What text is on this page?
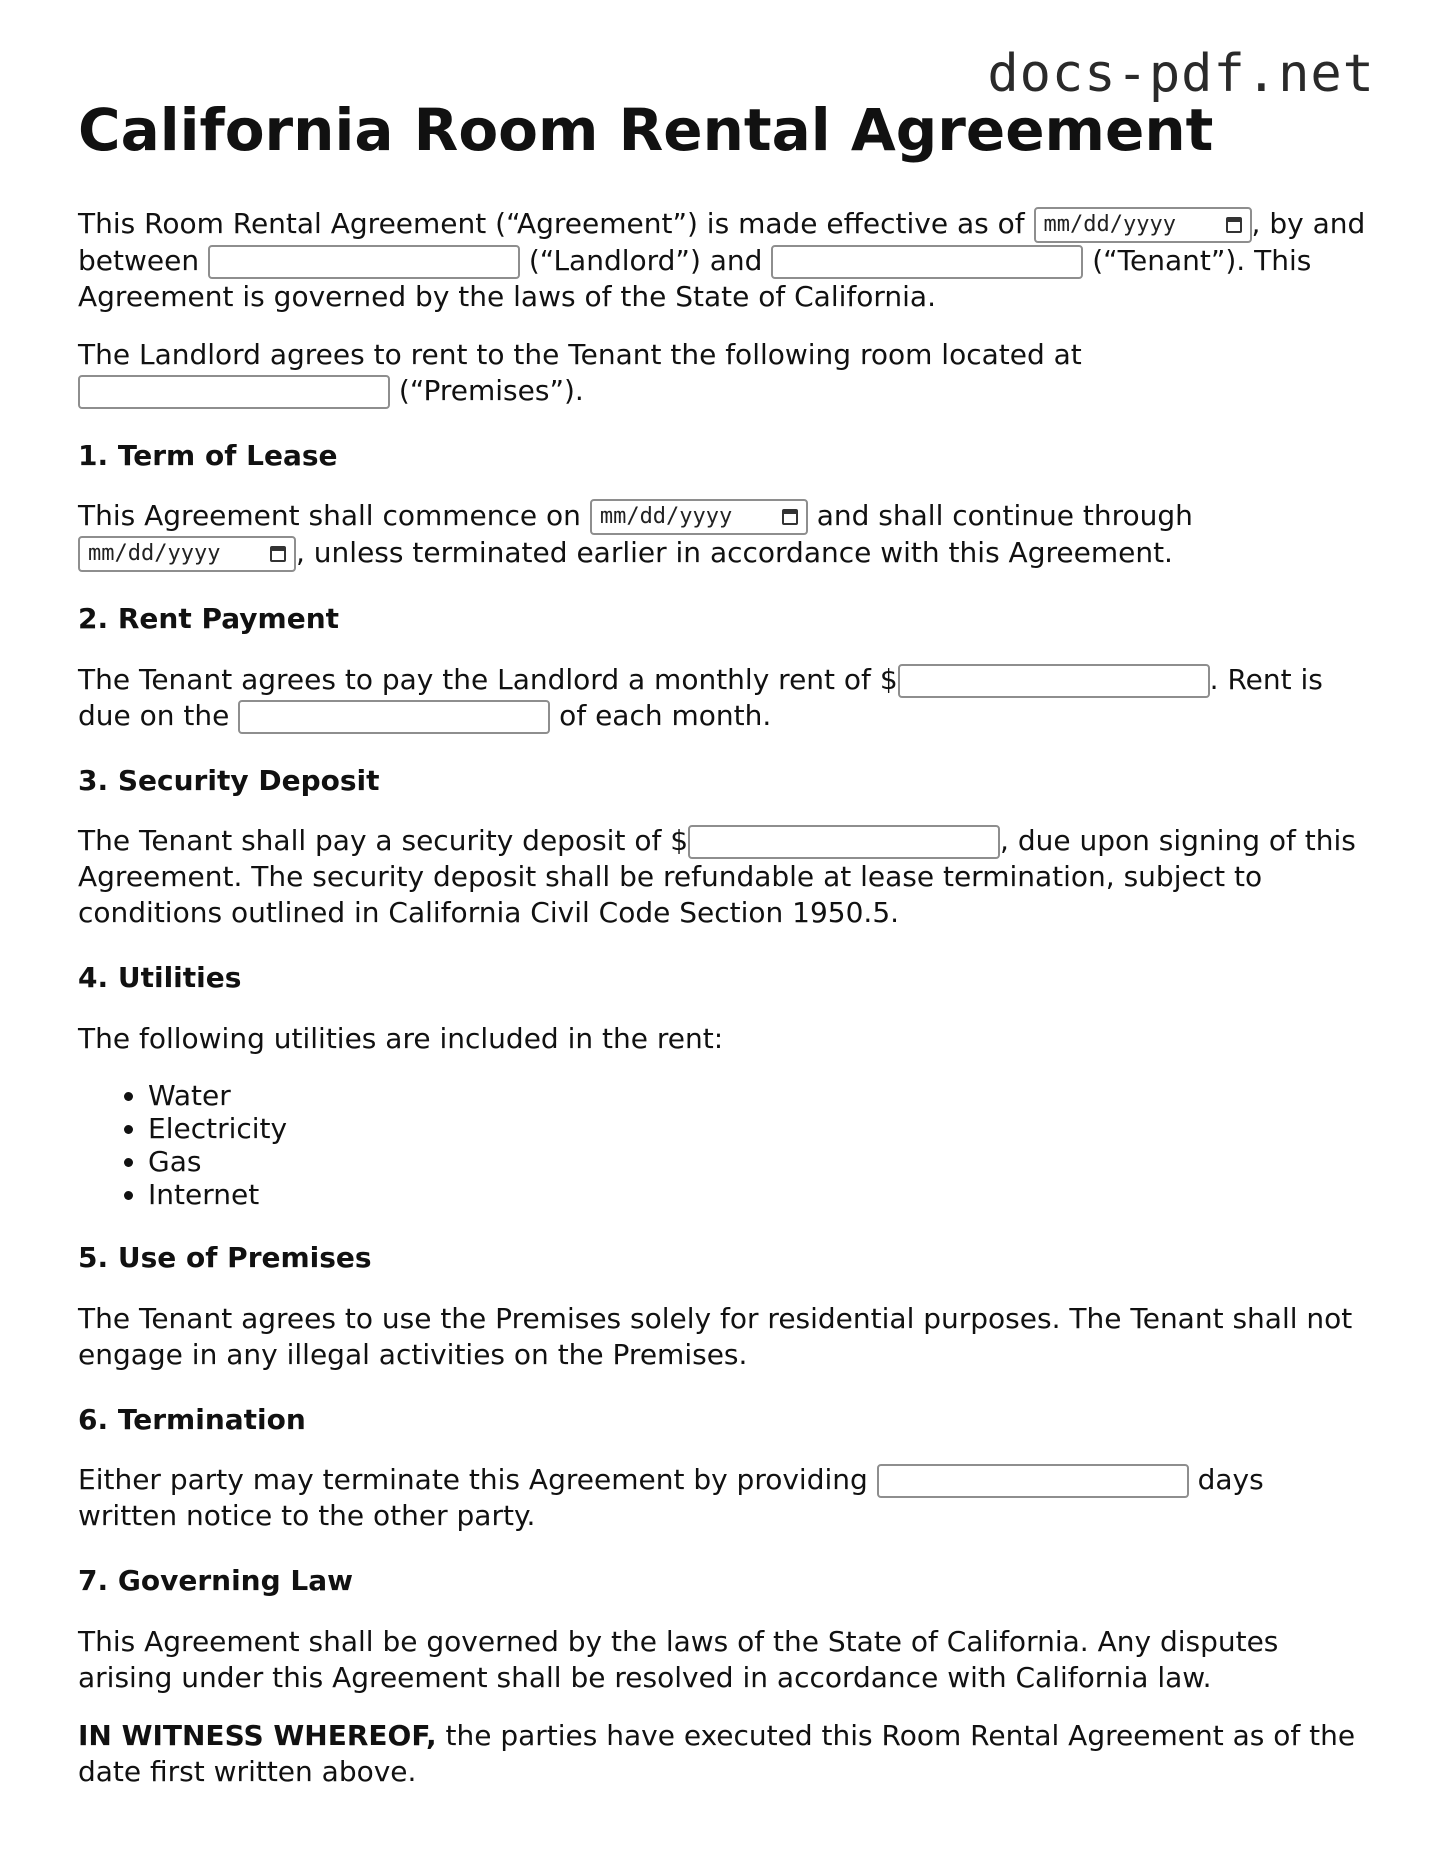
docs-pdf.net
California Room Rental Agreement

This Room Rental Agreement (“Agreement”) is made effective as of mm/dd/yyyy	, by and between	(“Landlord”) and	(“Tenant”). This Agreement is governed by the laws of the State of California.

The Landlord agrees to rent to the Tenant the following room located at  (“Premises”).

1. Term of Lease

This Agreement shall commence on mm/dd/yyyy	and shall continue through mm/dd/yyyy	, unless terminated earlier in accordance with this Agreement.

2. Rent Payment

The Tenant agrees to pay the Landlord a monthly rent of $	. Rent is due on the	of each month.

3. Security Deposit

The Tenant shall pay a security deposit of $	, due upon signing of this Agreement. The security deposit shall be refundable at lease termination, subject to conditions outlined in California Civil Code Section 1950.5.

4. Utilities

The following utilities are included in the rent:

• Water
• Electricity
• Gas
• Internet
5. Use of Premises

The Tenant agrees to use the Premises solely for residential purposes. The Tenant shall not engage in any illegal activities on the Premises.

6. Termination

Either party may terminate this Agreement by providing	days written notice to the other party.

7. Governing Law

This Agreement shall be governed by the laws of the State of California. Any disputes arising under this Agreement shall be resolved in accordance with California law.

IN WITNESS WHEREOF, the parties have executed this Room Rental Agreement as of the date first written above.
